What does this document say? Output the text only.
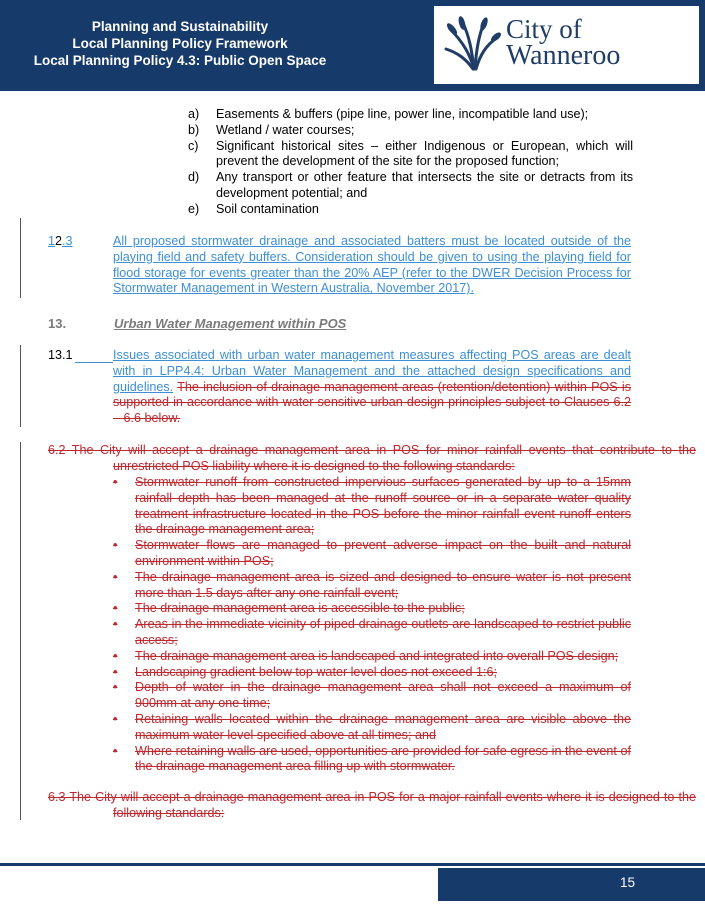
Planning and Sustainability
Local Planning Policy Framework
Local Planning Policy 4.3: Public Open Space
City of
Wanneroo
a)	Easements & buffers (pipe line, power line, incompatible land use);
b)	Wetland / water courses;
c)	Significant historical sites – either Indigenous or European, which will prevent the development of the site for the proposed function;
d)	Any transport or other feature that intersects the site or detracts from its development potential; and
e)	Soil contamination
12.3	All proposed stormwater drainage and associated batters must be located outside of the playing field and safety buffers. Consideration should be given to using the playing field for flood storage for events greater than the 20% AEP (refer to the DWER Decision Process for Stormwater Management in Western Australia, November 2017).
13.	Urban Water Management within POS
13.1	Issues associated with urban water management measures affecting POS areas are dealt with in LPP4.4: Urban Water Management and the attached design specifications and guidelines. The inclusion of drainage management areas (retention/detention) within POS is supported in accordance with water sensitive urban design principles subject to Clauses 6.2 – 6.6 below.
6.2 The City will accept a drainage management area in POS for minor rainfall events that contribute to the unrestricted POS liability where it is designed to the following standards:
•	Stormwater runoff from constructed impervious surfaces generated by up to a 15mm rainfall depth has been managed at the runoff source or in a separate water quality treatment infrastructure located in the POS before the minor rainfall event runoff enters the drainage management area;
•	Stormwater flows are managed to prevent adverse impact on the built and natural environment within POS;
•	The drainage management area is sized and designed to ensure water is not present more than 1.5 days after any one rainfall event;
•	The drainage management area is accessible to the public;
•	Areas in the immediate vicinity of piped drainage outlets are landscaped to restrict public access;
•	The drainage management area is landscaped and integrated into overall POS design;
•	Landscaping gradient below top water level does not exceed 1:6;
•	Depth of water in the drainage management area shall not exceed a maximum of 900mm at any one time;
•	Retaining walls located within the drainage management area are visible above the maximum water level specified above at all times; and
•	Where retaining walls are used, opportunities are provided for safe egress in the event of the drainage management area filling up with stormwater.
6.3 The City will accept a drainage management area in POS for a major rainfall events where it is designed to the following standards:
15
